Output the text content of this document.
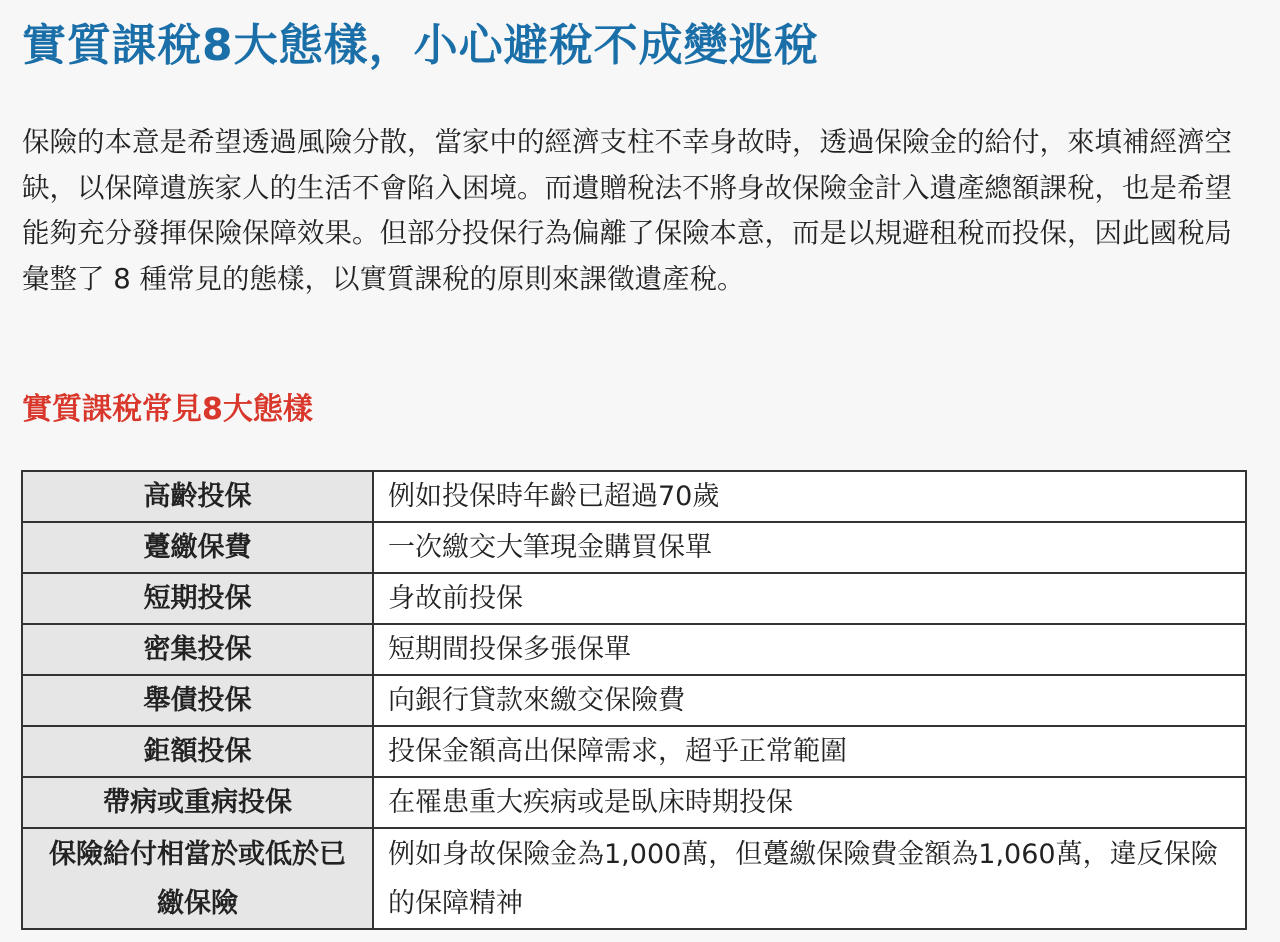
實質課稅8大態樣，小心避稅不成變逃稅

保險的本意是希望透過風險分散，當家中的經濟支柱不幸身故時，透過保險金的給付，來填補經濟空缺，以保障遺族家人的生活不會陷入困境。而遺贈稅法不將身故保險金計入遺產總額課稅，也是希望能夠充分發揮保險保障效果。但部分投保行為偏離了保險本意，而是以規避租稅而投保，因此國稅局彙整了 8 種常見的態樣，以實質課稅的原則來課徵遺產稅。

實質課稅常見8大態樣
高齡投保	例如投保時年齡已超過70歲
躉繳保費	一次繳交大筆現金購買保單
短期投保	身故前投保
密集投保	短期間投保多張保單
舉債投保	向銀行貸款來繳交保險費
鉅額投保	投保金額高出保障需求，超乎正常範圍
帶病或重病投保	在罹患重大疾病或是臥床時期投保
保險給付相當於或低於已繳保險	例如身故保險金為1,000萬，但躉繳保險費金額為1,060萬，違反保險的保障精神
